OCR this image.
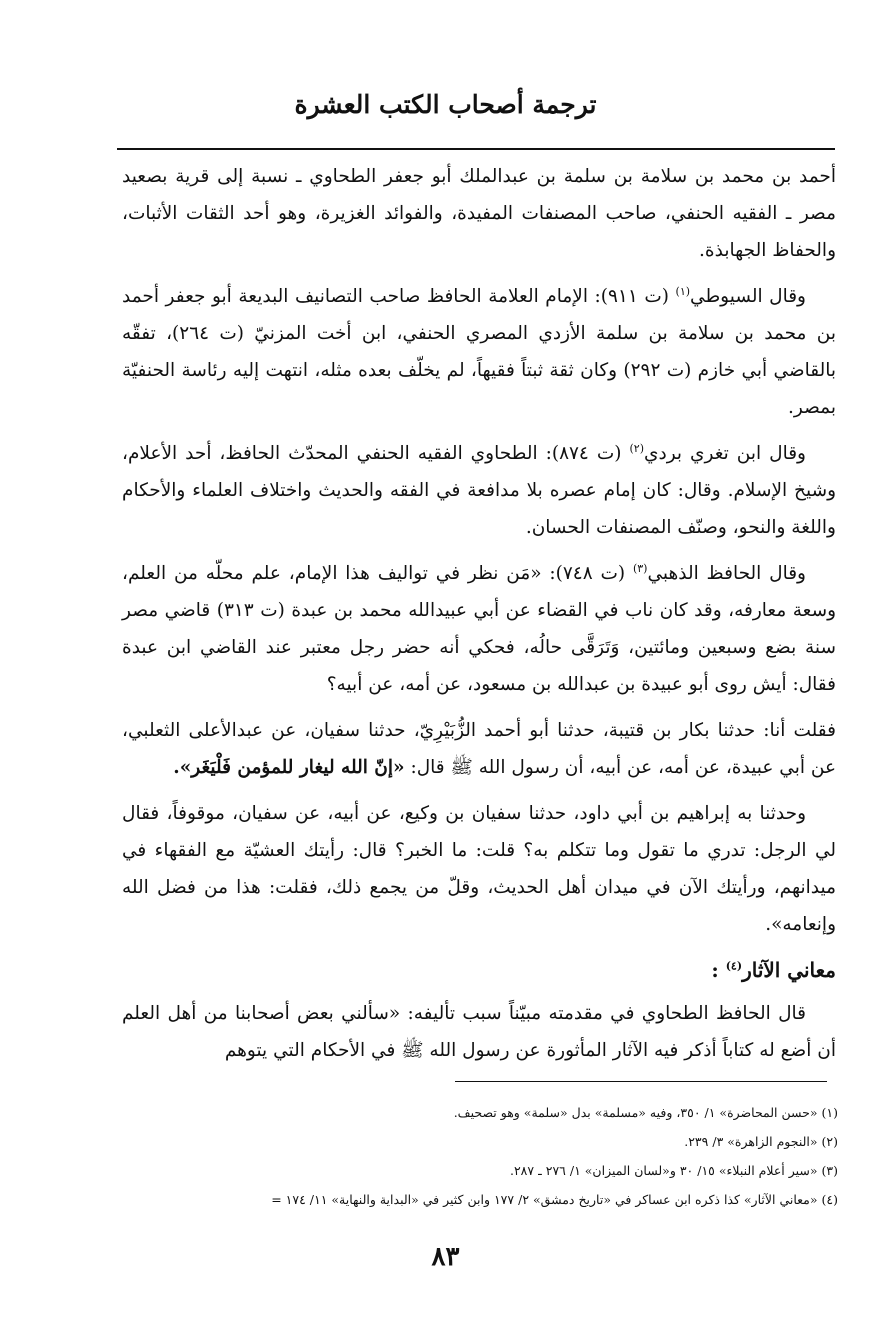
ترجمة أصحاب الكتب العشرة

أحمد بن محمد بن سلامة بن سلمة بن عبدالملك أبو جعفر الطحاوي ـ نسبة إلى قرية بصعيد مصر ـ الفقيه الحنفي، صاحب المصنفات المفيدة، والفوائد الغزيرة، وهو أحد الثقات الأثبات، والحفاظ الجهابذة.

وقال السيوطي$^{(١)}$ (ت ٩١١): الإمام العلامة الحافظ صاحب التصانيف البديعة أبو جعفر أحمد بن محمد بن سلامة بن سلمة الأزدي المصري الحنفي، ابن أخت المزنيّ (ت ٢٦٤)، تفقّه بالقاضي أبي خازم (ت ٢٩٢) وكان ثقة ثبتاً فقيهاً، لم يخلّف بعده مثله، انتهت إليه رئاسة الحنفيّة بمصر.

وقال ابن تغري بردي$^{(٢)}$ (ت ٨٧٤): الطحاوي الفقيه الحنفي المحدّث الحافظ، أحد الأعلام، وشيخ الإسلام. وقال: كان إمام عصره بلا مدافعة في الفقه والحديث واختلاف العلماء والأحكام واللغة والنحو، وصنّف المصنفات الحسان.

وقال الحافظ الذهبي$^{(٣)}$ (ت ٧٤٨): «مَن نظر في تواليف هذا الإمام، علم محلّه من العلم، وسعة معارفه، وقد كان ناب في القضاء عن أبي عبيدالله محمد بن عبدة (ت ٣١٣) قاضي مصر سنة بضع وسبعين ومائتين، وَتَرَقَّى حالُه، فحكي أنه حضر رجل معتبر عند القاضي ابن عبدة فقال: أيش روى أبو عبيدة بن عبدالله بن مسعود، عن أمه، عن أبيه؟

فقلت أنا: حدثنا بكار بن قتيبة، حدثنا أبو أحمد الزُّبَيْرِيّ، حدثنا سفيان، عن عبدالأعلى الثعلبي، عن أبي عبيدة، عن أمه، عن أبيه، أن رسول الله ﷺ قال: «إنّ الله ليغار للمؤمن فَلْيَغَر».

وحدثنا به إبراهيم بن أبي داود، حدثنا سفيان بن وكيع، عن أبيه، عن سفيان، موقوفاً، فقال لي الرجل: تدري ما تقول وما تتكلم به؟ قلت: ما الخبر؟ قال: رأيتك العشيّة مع الفقهاء في ميدانهم، ورأيتك الآن في ميدان أهل الحديث، وقلّ من يجمع ذلك، فقلت: هذا من فضل الله وإنعامه».

معاني الآثار$^{(٤)}$ :

قال الحافظ الطحاوي في مقدمته مبيّناً سبب تأليفه: «سألني بعض أصحابنا من أهل العلم أن أضع له كتاباً أذكر فيه الآثار المأثورة عن رسول الله ﷺ في الأحكام التي يتوهم

(١) «حسن المحاضرة» ١/ ٣٥٠، وفيه «مسلمة» بدل «سلمة» وهو تصحيف.
(٢) «النجوم الزاهرة» ٣/ ٢٣٩.
(٣) «سير أعلام النبلاء» ١٥/ ٣٠ و«لسان الميزان» ١/ ٢٧٦ ـ ٢٨٧.
(٤) «معاني الآثار» كذا ذكره ابن عساكر في «تاريخ دمشق» ٢/ ١٧٧ وابن كثير في «البداية والنهاية» ١١/ ١٧٤ =
٨٣
